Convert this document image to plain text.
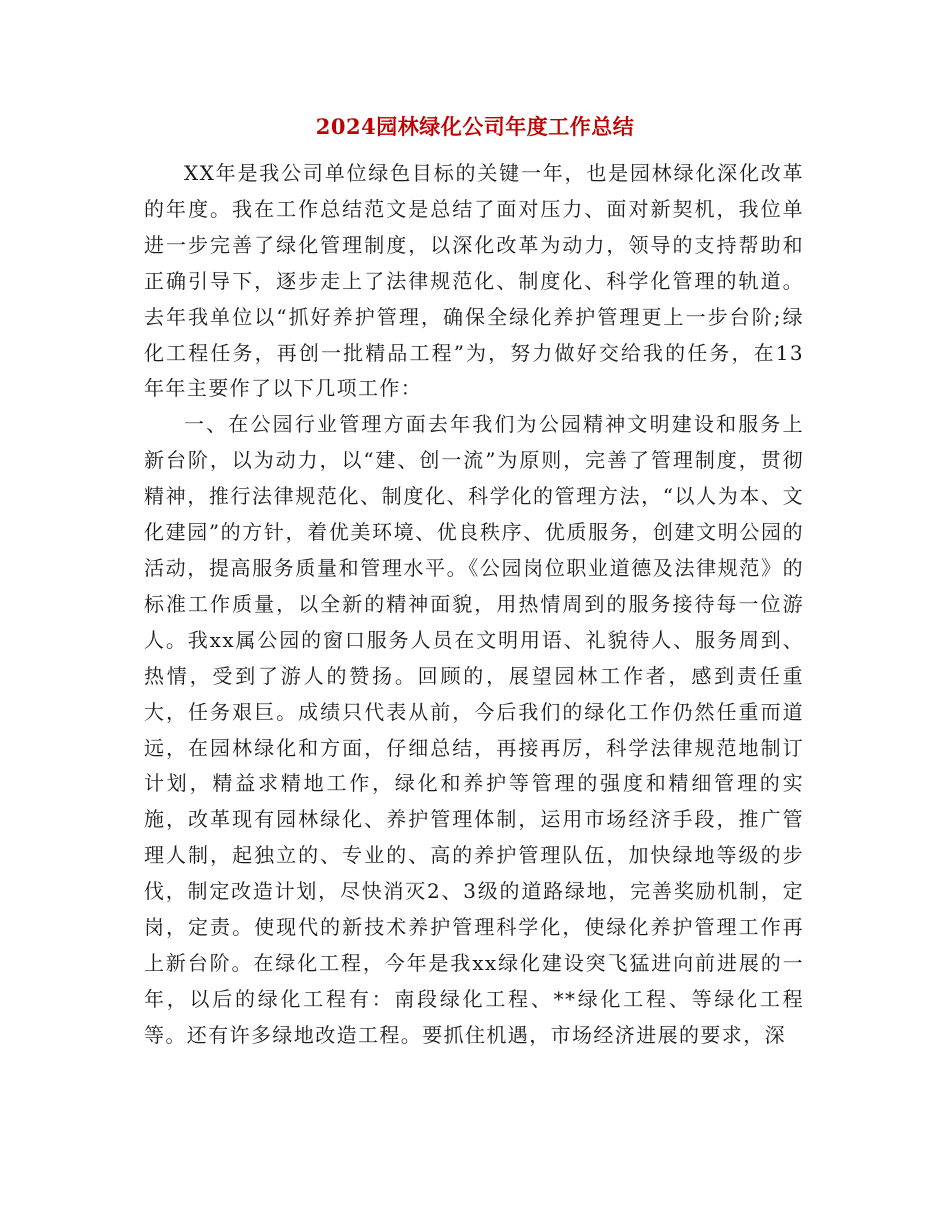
2024园林绿化公司年度工作总结

XX年是我公司单位绿色目标的关键一年，也是园林绿化深化改革的年度。我在工作总结范文是总结了面对压力、面对新契机，我位单进一步完善了绿化管理制度，以深化改革为动力，领导的支持帮助和正确引导下，逐步走上了法律规范化、制度化、科学化管理的轨道。去年我单位以“抓好养护管理，确保全绿化养护管理更上一步台阶;绿化工程任务，再创一批精品工程”为，努力做好交给我的任务，在13年年主要作了以下几项工作：

一、在公园行业管理方面去年我们为公园精神文明建设和服务上新台阶，以为动力，以“建、创一流”为原则，完善了管理制度，贯彻精神，推行法律规范化、制度化、科学化的管理方法，“以人为本、文化建园”的方针，着优美环境、优良秩序、优质服务，创建文明公园的活动，提高服务质量和管理水平。《公园岗位职业道德及法律规范》的标准工作质量，以全新的精神面貌，用热情周到的服务接待每一位游人。我xx属公园的窗口服务人员在文明用语、礼貌待人、服务周到、热情，受到了游人的赞扬。回顾的，展望园林工作者，感到责任重大，任务艰巨。成绩只代表从前，今后我们的绿化工作仍然任重而道远，在园林绿化和方面，仔细总结，再接再厉，科学法律规范地制订计划，精益求精地工作，绿化和养护等管理的强度和精细管理的实施，改革现有园林绿化、养护管理体制，运用市场经济手段，推广管理人制，起独立的、专业的、高的养护管理队伍，加快绿地等级的步伐，制定改造计划，尽快消灭2、3级的道路绿地，完善奖励机制，定岗，定责。使现代的新技术养护管理科学化，使绿化养护管理工作再上新台阶。在绿化工程，今年是我xx绿化建设突飞猛进向前进展的一年，以后的绿化工程有：南段绿化工程、**绿化工程、等绿化工程等。还有许多绿地改造工程。要抓住机遇，市场经济进展的要求，深
